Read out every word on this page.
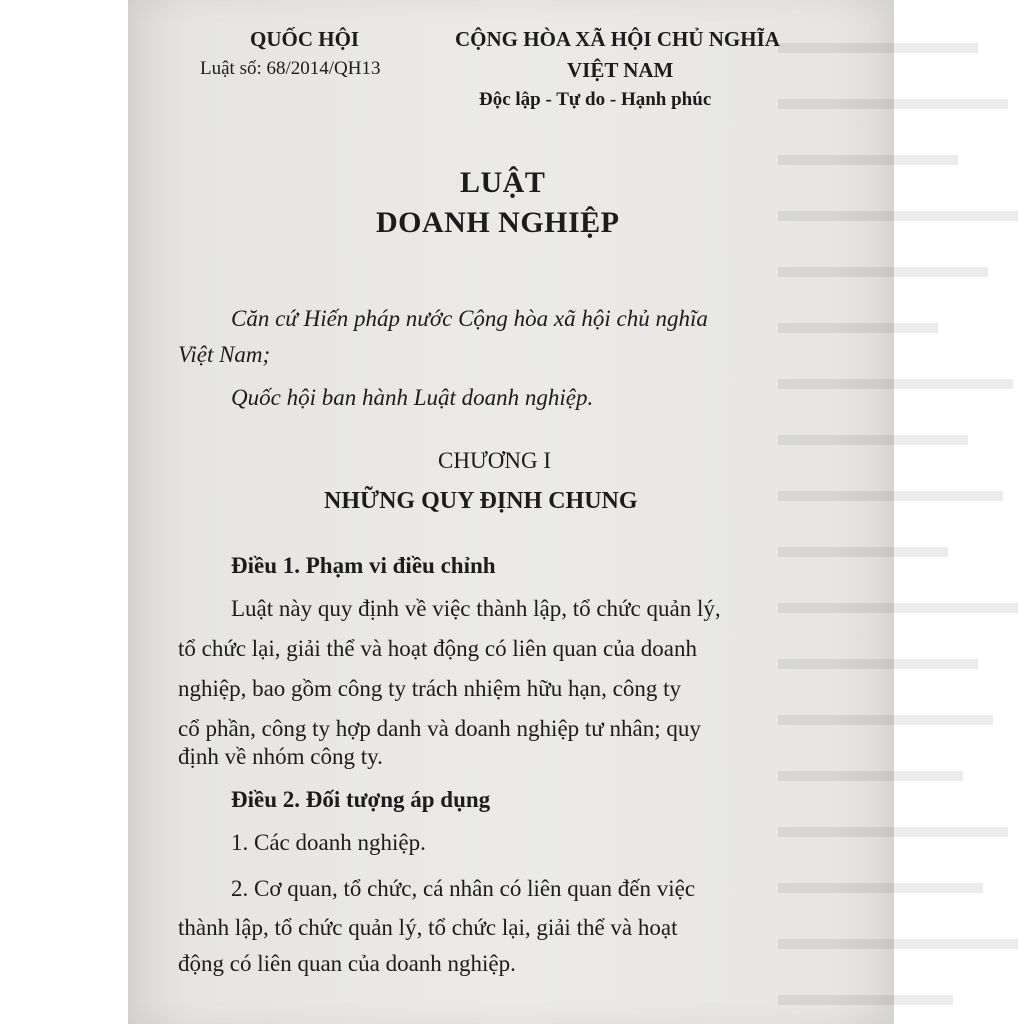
QUỐC HỘI
Luật số: 68/2014/QH13
CỘNG HÒA XÃ HỘI CHỦ NGHĨA
VIỆT NAM
Độc lập - Tự do - Hạnh phúc
LUẬT
DOANH NGHIỆP
Căn cứ Hiến pháp nước Cộng hòa xã hội chủ nghĩa
Việt Nam;
Quốc hội ban hành Luật doanh nghiệp.
CHƯƠNG I
NHỮNG QUY ĐỊNH CHUNG
Điều 1. Phạm vi điều chỉnh
Luật này quy định về việc thành lập, tổ chức quản lý,
tổ chức lại, giải thể và hoạt động có liên quan của doanh
nghiệp, bao gồm công ty trách nhiệm hữu hạn, công ty
cổ phần, công ty hợp danh và doanh nghiệp tư nhân; quy
định về nhóm công ty.
Điều 2. Đối tượng áp dụng
1. Các doanh nghiệp.
2. Cơ quan, tổ chức, cá nhân có liên quan đến việc
thành lập, tổ chức quản lý, tổ chức lại, giải thể và hoạt
động có liên quan của doanh nghiệp.
